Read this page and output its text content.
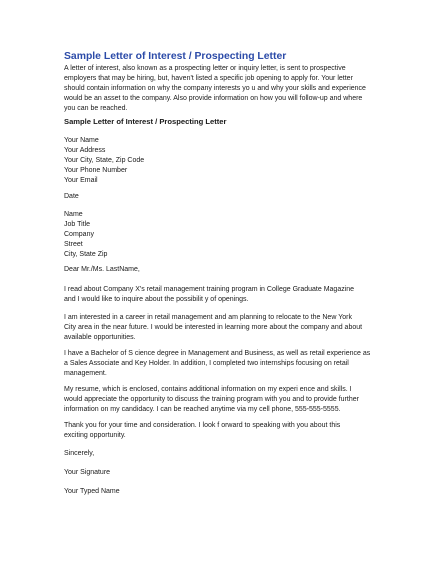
Sample Letter of Interest / Prospecting Letter
A letter of interest, also known as a prospecting letter or inquiry letter, is sent to prospective
employers that may be hiring, but, haven't listed a specific job opening to apply for. Your letter
should contain information on why the company interests yo u and why your skills and experience
would be an asset to the company. Also provide information on how you will follow-up and where
you can be reached.
Sample Letter of Interest / Prospecting Letter
Your Name
Your Address
Your City, State, Zip Code
Your Phone Number
Your Email
Date
Name
Job Title
Company
Street
City, State Zip
Dear Mr./Ms. LastName,
I read about Company X's retail management training program in College Graduate Magazine
and I would like to inquire about the possibilit y of openings.
I am interested in a career in retail management and am planning to relocate to the New York
City area in the near future. I would be interested in learning more about the company and about
available opportunities.
I have a Bachelor of S cience degree in Management and Business, as well as retail experience as
a Sales Associate and Key Holder. In addition, I completed two internships focusing on retail
management.
My resume, which is enclosed, contains additional information on my experi ence and skills. I
would appreciate the opportunity to discuss the training program with you and to provide further
information on my candidacy. I can be reached anytime via my cell phone, 555-555-5555.
Thank you for your time and consideration. I look f orward to speaking with you about this
exciting opportunity.
Sincerely,
Your Signature
Your Typed Name
